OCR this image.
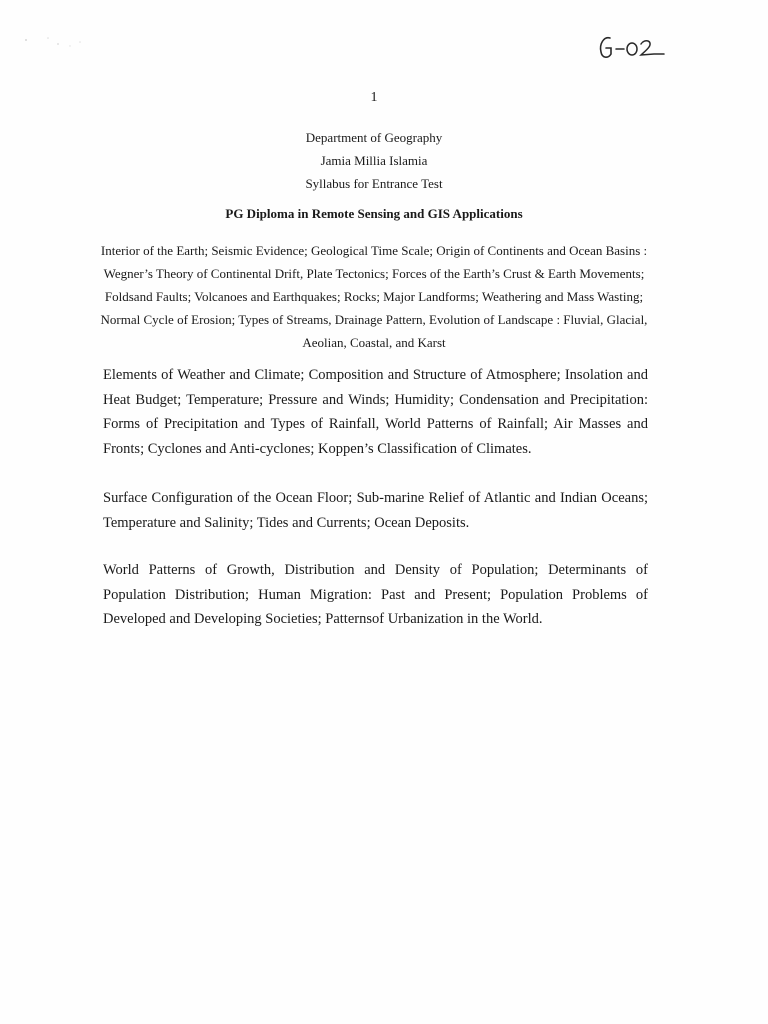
1
Department of Geography
Jamia Millia Islamia
Syllabus for Entrance Test
PG Diploma in Remote Sensing and GIS Applications
Interior of the Earth; Seismic Evidence; Geological Time Scale; Origin of Continents and Ocean Basins : Wegner’s Theory of Continental Drift, Plate Tectonics; Forces of the Earth’s Crust & Earth Movements; Foldsand Faults; Volcanoes and Earthquakes; Rocks; Major Landforms; Weathering and Mass Wasting; Normal Cycle of Erosion; Types of Streams, Drainage Pattern, Evolution of Landscape : Fluvial, Glacial, Aeolian, Coastal, and Karst

Elements of Weather and Climate; Composition and Structure of Atmosphere; Insolation and Heat Budget; Temperature; Pressure and Winds; Humidity; Condensation and Precipitation: Forms of Precipitation and Types of Rainfall, World Patterns of Rainfall; Air Masses and Fronts; Cyclones and Anti-cyclones; Koppen’s Classification of Climates.

Surface Configuration of the Ocean Floor; Sub-marine Relief of Atlantic and Indian Oceans; Temperature and Salinity; Tides and Currents; Ocean Deposits.

World Patterns of Growth, Distribution and Density of Population; Determinants of Population Distribution; Human Migration: Past and Present; Population Problems of Developed and Developing Societies; Patternsof Urbanization in the World.
